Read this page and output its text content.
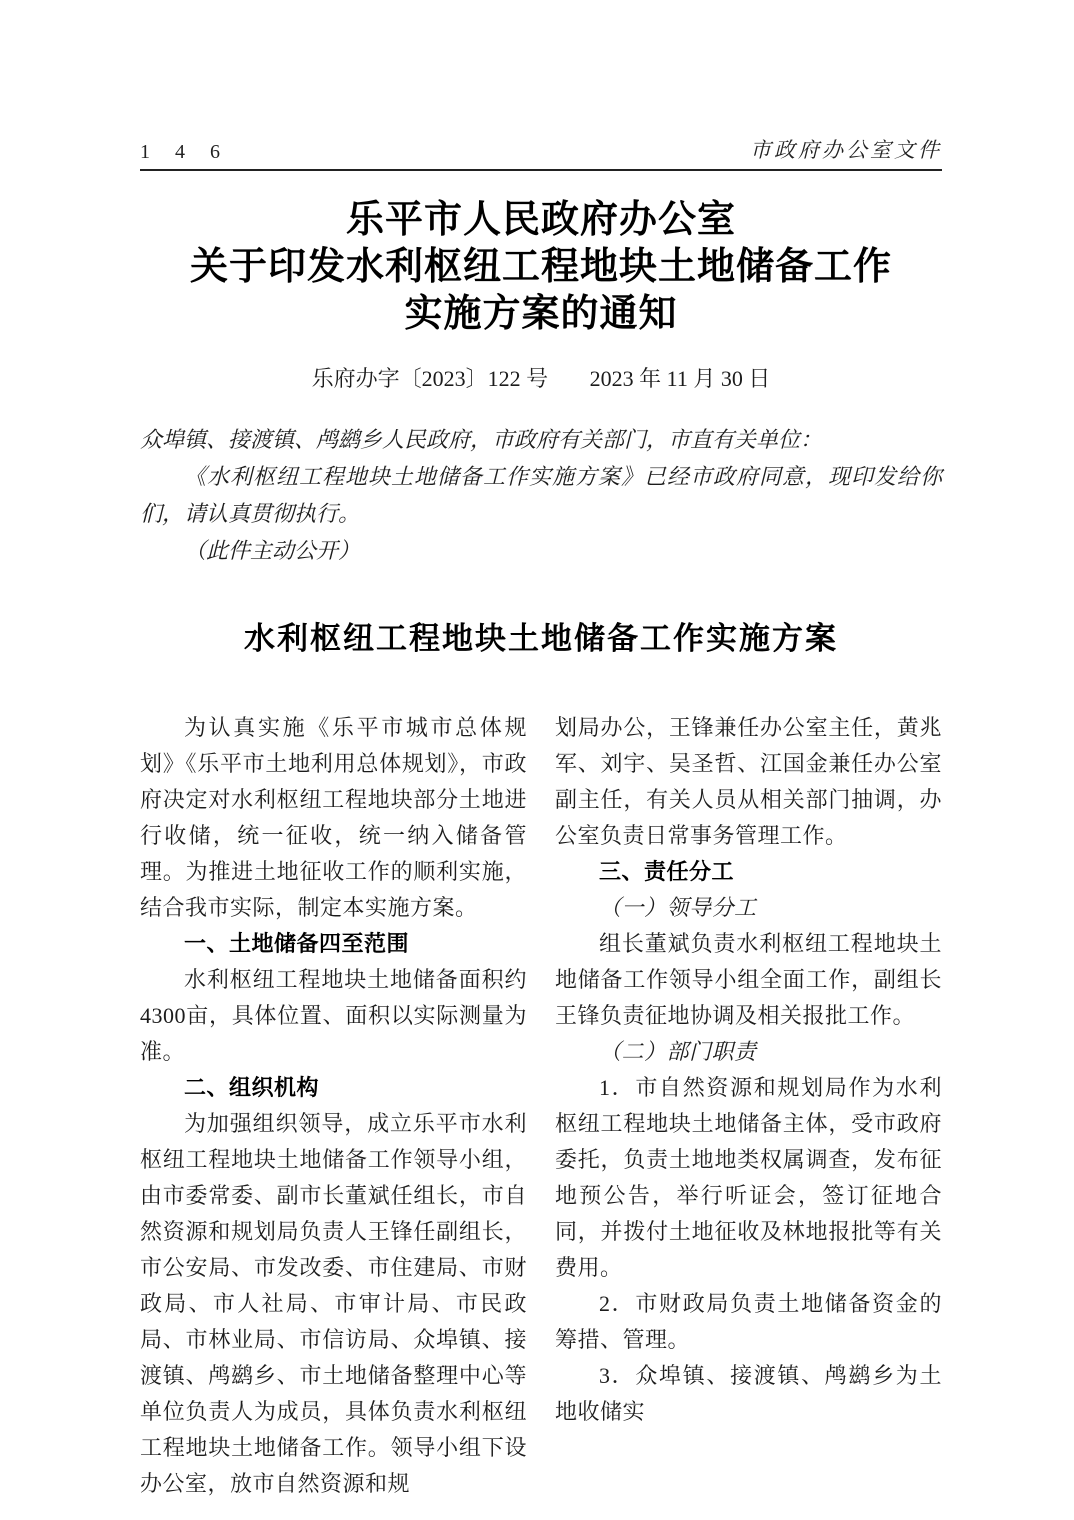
1 4 6	市政府办公室文件
乐平市人民政府办公室
关于印发水利枢纽工程地块土地储备工作
实施方案的通知
乐府办字〔2023〕122 号 2023 年 11 月 30 日

众埠镇、接渡镇、鸬鹚乡人民政府，市政府有关部门，市直有关单位：

《水利枢纽工程地块土地储备工作实施方案》已经市政府同意，现印发给你们，请认真贯彻执行。

（此件主动公开）

水利枢纽工程地块土地储备工作实施方案

为认真实施《乐平市城市总体规划》《乐平市土地利用总体规划》，市政府决定对水利枢纽工程地块部分土地进行收储，统一征收，统一纳入储备管理。为推进土地征收工作的顺利实施，结合我市实际，制定本实施方案。

一、土地储备四至范围

水利枢纽工程地块土地储备面积约4300亩，具体位置、面积以实际测量为准。

二、组织机构

为加强组织领导，成立乐平市水利枢纽工程地块土地储备工作领导小组，由市委常委、副市长董斌任组长，市自然资源和规划局负责人王锋任副组长，市公安局、市发改委、市住建局、市财政局、市人社局、市审计局、市民政局、市林业局、市信访局、众埠镇、接渡镇、鸬鹚乡、市土地储备整理中心等单位负责人为成员，具体负责水利枢纽工程地块土地储备工作。领导小组下设办公室，放市自然资源和规

划局办公，王锋兼任办公室主任，黄兆军、刘宇、吴圣哲、江国金兼任办公室副主任，有关人员从相关部门抽调，办公室负责日常事务管理工作。

三、责任分工

（一）领导分工

组长董斌负责水利枢纽工程地块土地储备工作领导小组全面工作，副组长王锋负责征地协调及相关报批工作。

（二）部门职责

1．市自然资源和规划局作为水利枢纽工程地块土地储备主体，受市政府委托，负责土地地类权属调查，发布征地预公告，举行听证会，签订征地合同，并拨付土地征收及林地报批等有关费用。

2．市财政局负责土地储备资金的筹措、管理。

3．众埠镇、接渡镇、鸬鹚乡为土地收储实
